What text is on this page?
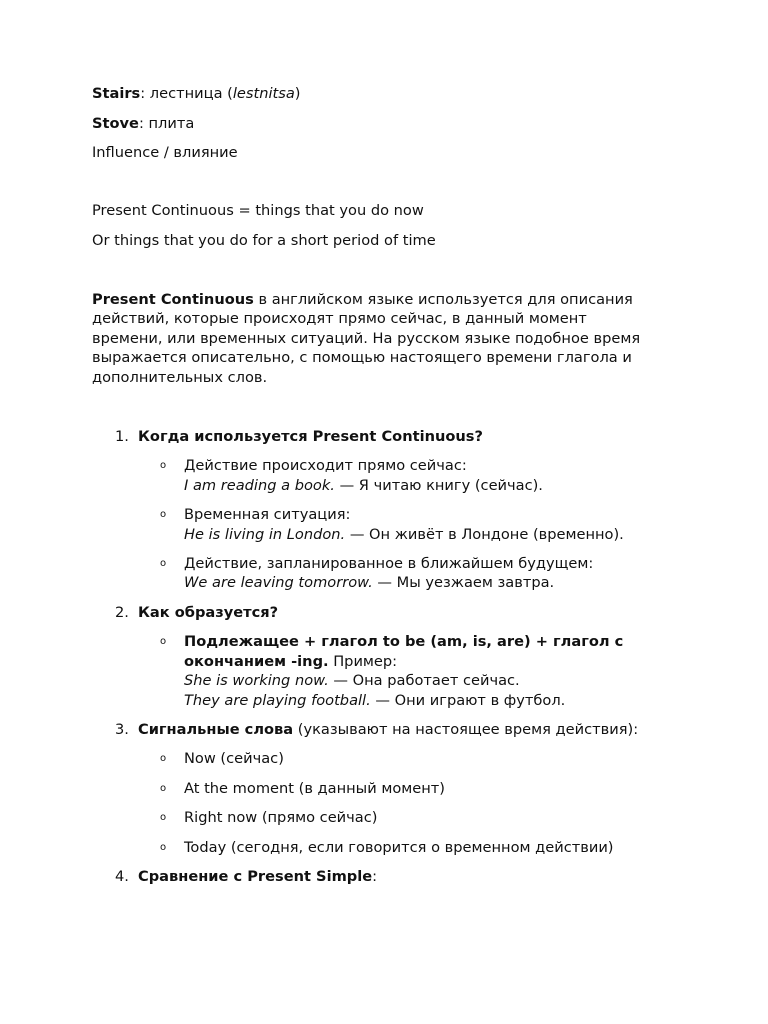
Stairs: лестница (lestnitsa)
Stove: плита
Influence / влияние
Present Continuous = things that you do now
Or things that you do for a short period of time
Present Continuous в английском языке используется для описания
действий, которые происходят прямо сейчас, в данный момент
времени, или временных ситуаций. На русском языке подобное время
выражается описательно, с помощью настоящего времени глагола и
дополнительных слов.
1. Когда используется Present Continuous?
o Действие происходит прямо сейчас:
I am reading a book. — Я читаю книгу (сейчас).
o Временная ситуация:
He is living in London. — Он живёт в Лондоне (временно).
o Действие, запланированное в ближайшем будущем:
We are leaving tomorrow. — Мы уезжаем завтра.
2. Как образуется?
o Подлежащее + глагол to be (am, is, are) + глагол с
окончанием -ing. Пример:
She is working now. — Она работает сейчас.
They are playing football. — Они играют в футбол.
3. Сигнальные слова (указывают на настоящее время действия):
o Now (сейчас)
o At the moment (в данный момент)
o Right now (прямо сейчас)
o Today (сегодня, если говорится о временном действии)
4. Сравнение с Present Simple:
